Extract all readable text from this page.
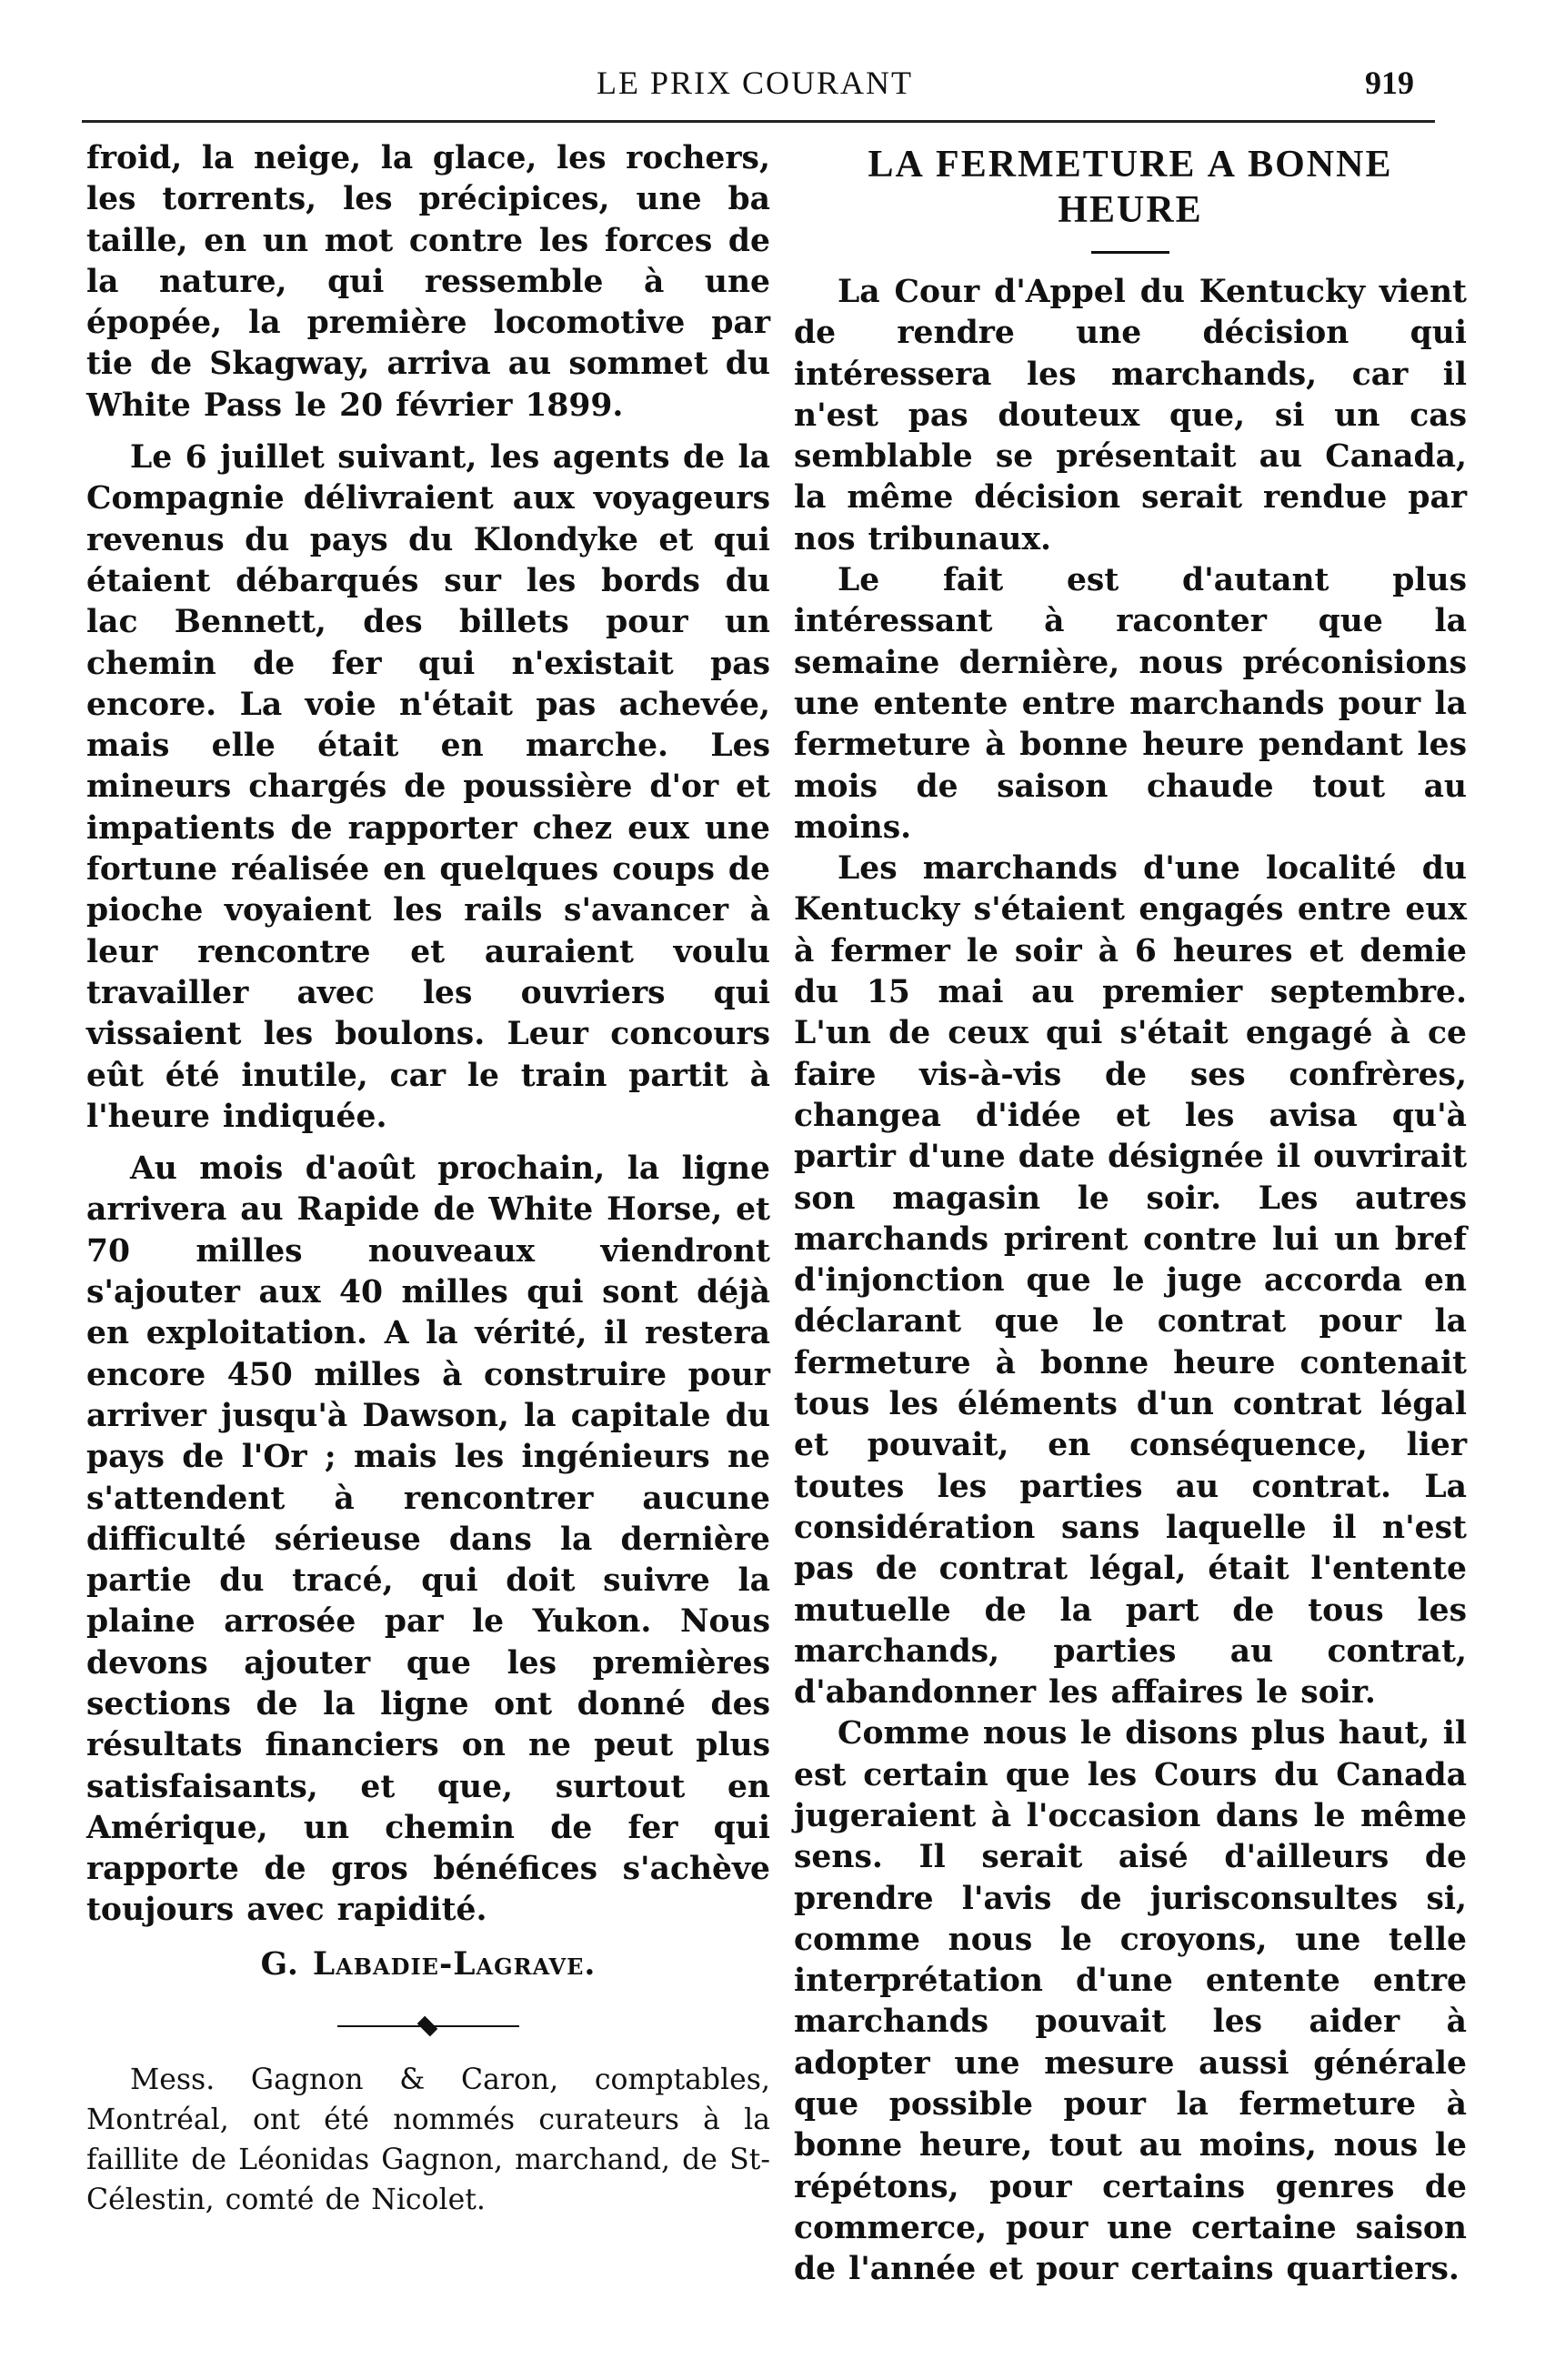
LE PRIX COURANT	919

froid, la neige, la glace, les rochers, les torrents, les précipices, une ba taille, en un mot contre les forces de la nature, qui ressemble à une épopée, la première locomotive par tie de Skagway, arriva au sommet du White Pass le 20 février 1899.

Le 6 juillet suivant, les agents de la Compagnie délivraient aux voyageurs revenus du pays du Klondyke et qui étaient débarqués sur les bords du lac Bennett, des billets pour un chemin de fer qui n'existait pas encore. La voie n'était pas achevée, mais elle était en marche. Les mineurs chargés de poussière d'or et impatients de rapporter chez eux une fortune réalisée en quelques coups de pioche voyaient les rails s'avancer à leur rencontre et auraient voulu travailler avec les ouvriers qui vissaient les boulons. Leur concours eût été inutile, car le train partit à l'heure indiquée.

Au mois d'août prochain, la ligne arrivera au Rapide de White Horse, et 70 milles nouveaux viendront s'ajouter aux 40 milles qui sont déjà en exploitation. A la vérité, il restera encore 450 milles à construire pour arriver jusqu'à Dawson, la capitale du pays de l'Or ; mais les ingénieurs ne s'attendent à rencontrer aucune difficulté sérieuse dans la dernière partie du tracé, qui doit suivre la plaine arrosée par le Yukon. Nous devons ajouter que les premières sections de la ligne ont donné des résultats financiers on ne peut plus satisfaisants, et que, surtout en Amérique, un chemin de fer qui rapporte de gros bénéfices s'achève toujours avec rapidité.

G. Labadie-Lagrave.

Mess. Gagnon & Caron, comptables, Montréal, ont été nommés curateurs à la faillite de Léonidas Gagnon, marchand, de St-Célestin, comté de Nicolet.

LA FERMETURE A BONNE HEURE

La Cour d'Appel du Kentucky vient de rendre une décision qui intéressera les marchands, car il n'est pas douteux que, si un cas semblable se présentait au Canada, la même décision serait rendue par nos tribunaux.

Le fait est d'autant plus intéressant à raconter que la semaine dernière, nous préconisions une entente entre marchands pour la fermeture à bonne heure pendant les mois de saison chaude tout au moins.

Les marchands d'une localité du Kentucky s'étaient engagés entre eux à fermer le soir à 6 heures et demie du 15 mai au premier septembre. L'un de ceux qui s'était engagé à ce faire vis-à-vis de ses confrères, changea d'idée et les avisa qu'à partir d'une date désignée il ouvrirait son magasin le soir. Les autres marchands prirent contre lui un bref d'injonction que le juge accorda en déclarant que le contrat pour la fermeture à bonne heure contenait tous les éléments d'un contrat légal et pouvait, en conséquence, lier toutes les parties au contrat. La considération sans laquelle il n'est pas de contrat légal, était l'entente mutuelle de la part de tous les marchands, parties au contrat, d'abandonner les affaires le soir.

Comme nous le disons plus haut, il est certain que les Cours du Canada jugeraient à l'occasion dans le même sens. Il serait aisé d'ailleurs de prendre l'avis de jurisconsultes si, comme nous le croyons, une telle interprétation d'une entente entre marchands pouvait les aider à adopter une mesure aussi générale que possible pour la fermeture à bonne heure, tout au moins, nous le répétons, pour certains genres de commerce, pour une certaine saison de l'année et pour certains quartiers.
